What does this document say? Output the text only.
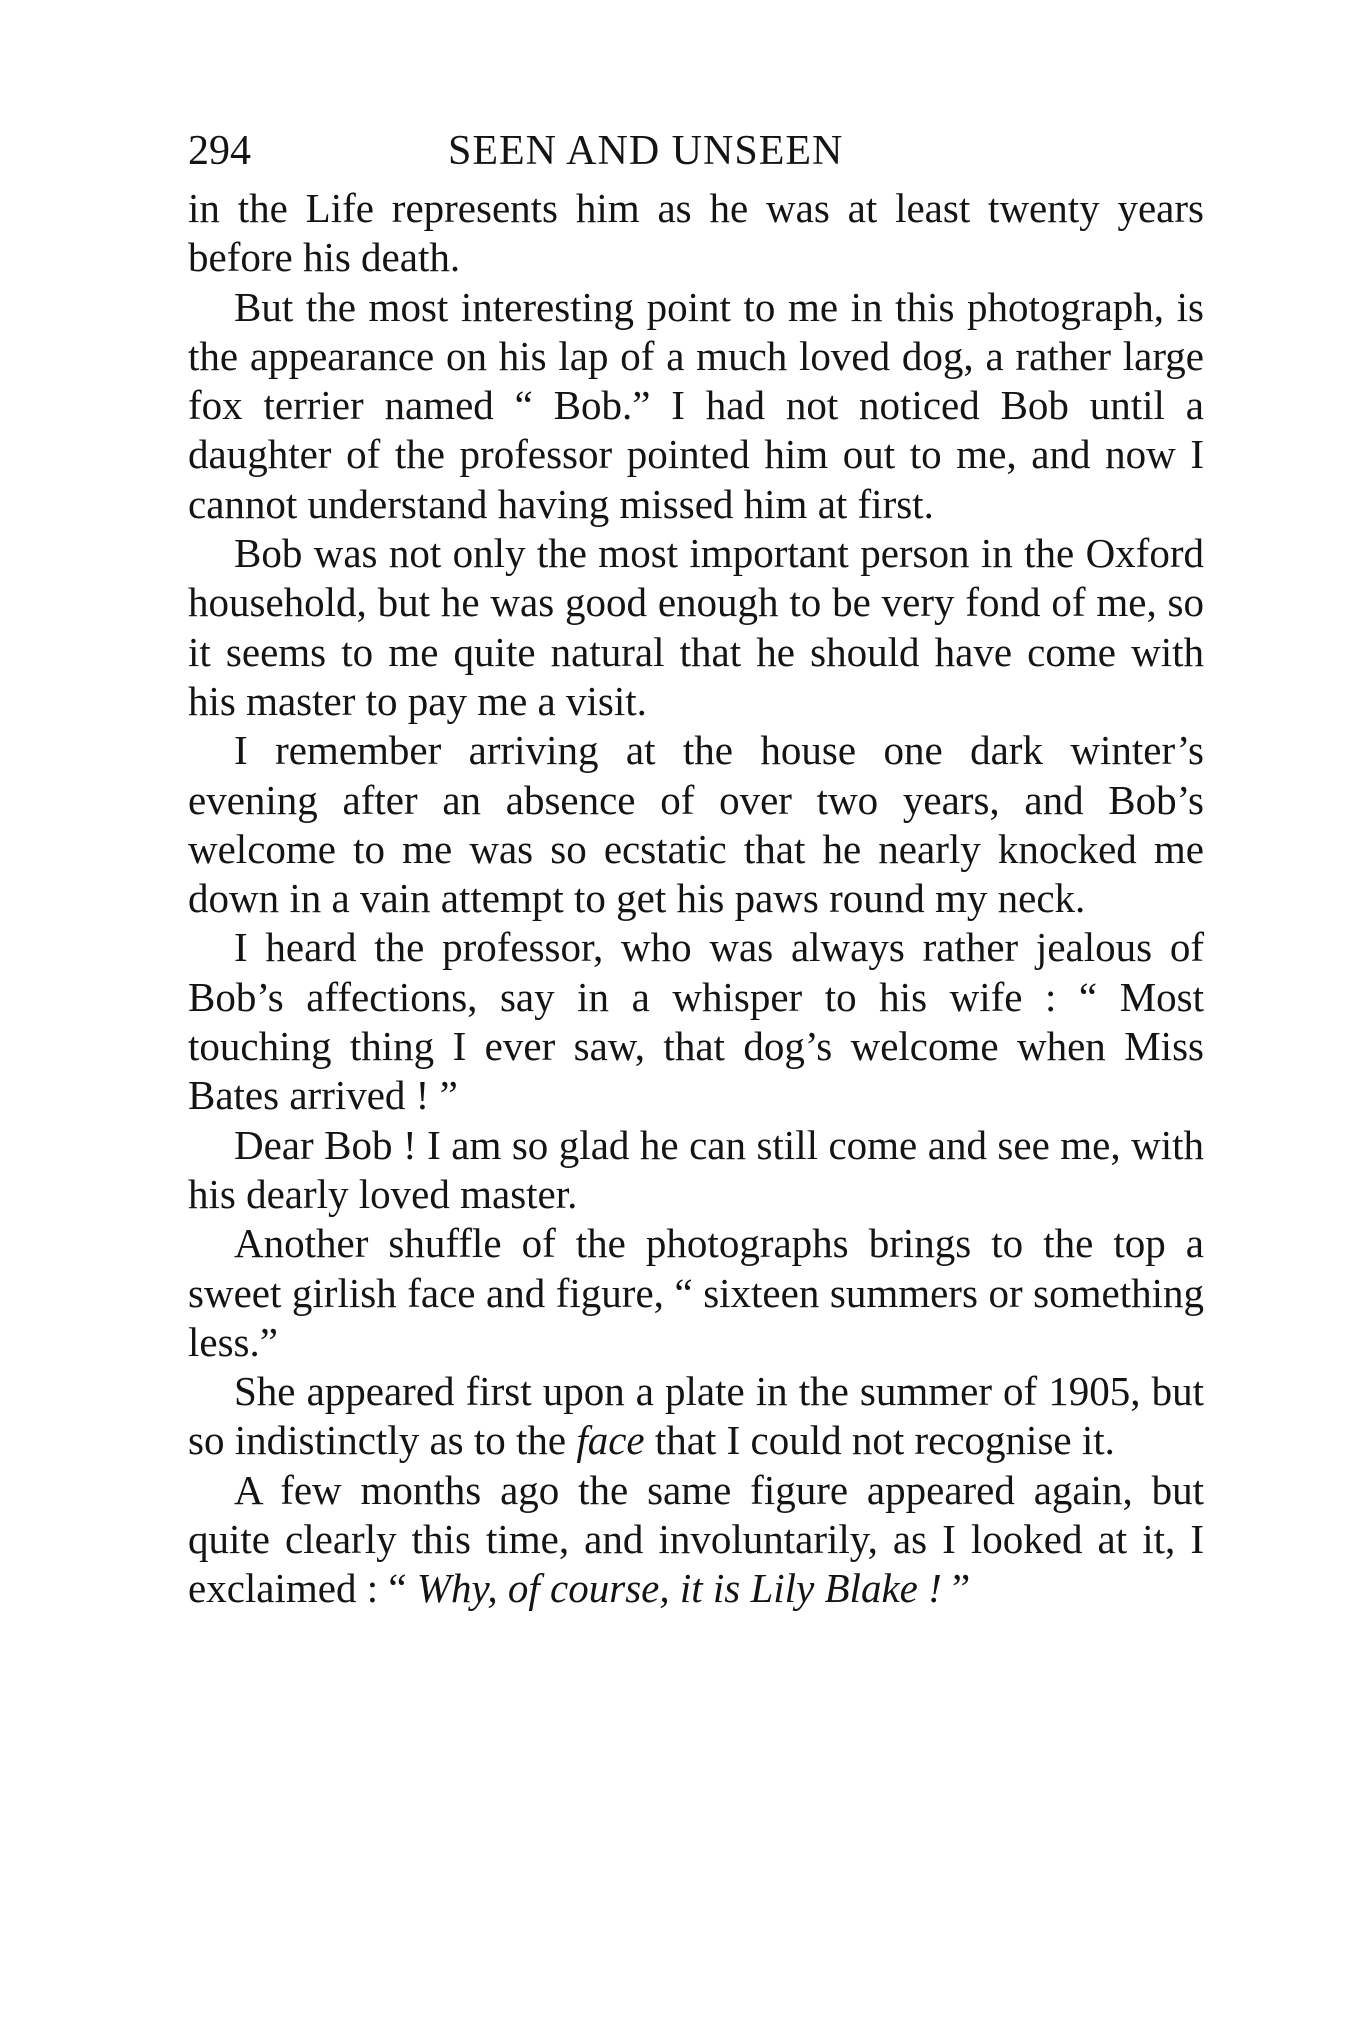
294	SEEN AND UNSEEN

in the Life represents him as he was at least twenty years before his death.

But the most interesting point to me in this photograph, is the appearance on his lap of a much loved dog, a rather large fox terrier named “ Bob.” I had not noticed Bob until a daughter of the professor pointed him out to me, and now I cannot understand having missed him at first.

Bob was not only the most important person in the Oxford household, but he was good enough to be very fond of me, so it seems to me quite natural that he should have come with his master to pay me a visit.

I remember arriving at the house one dark winter’s evening after an absence of over two years, and Bob’s welcome to me was so ecstatic that he nearly knocked me down in a vain attempt to get his paws round my neck.

I heard the professor, who was always rather jealous of Bob’s affections, say in a whisper to his wife : “ Most touching thing I ever saw, that dog’s welcome when Miss Bates arrived ! ”

Dear Bob ! I am so glad he can still come and see me, with his dearly loved master.

Another shuffle of the photographs brings to the top a sweet girlish face and figure, “ sixteen summers or something less.”

She appeared first upon a plate in the summer of 1905, but so indistinctly as to the face that I could not recognise it.

A few months ago the same figure appeared again, but quite clearly this time, and involuntarily, as I looked at it, I exclaimed : “ Why, of course, it is Lily Blake ! ”
